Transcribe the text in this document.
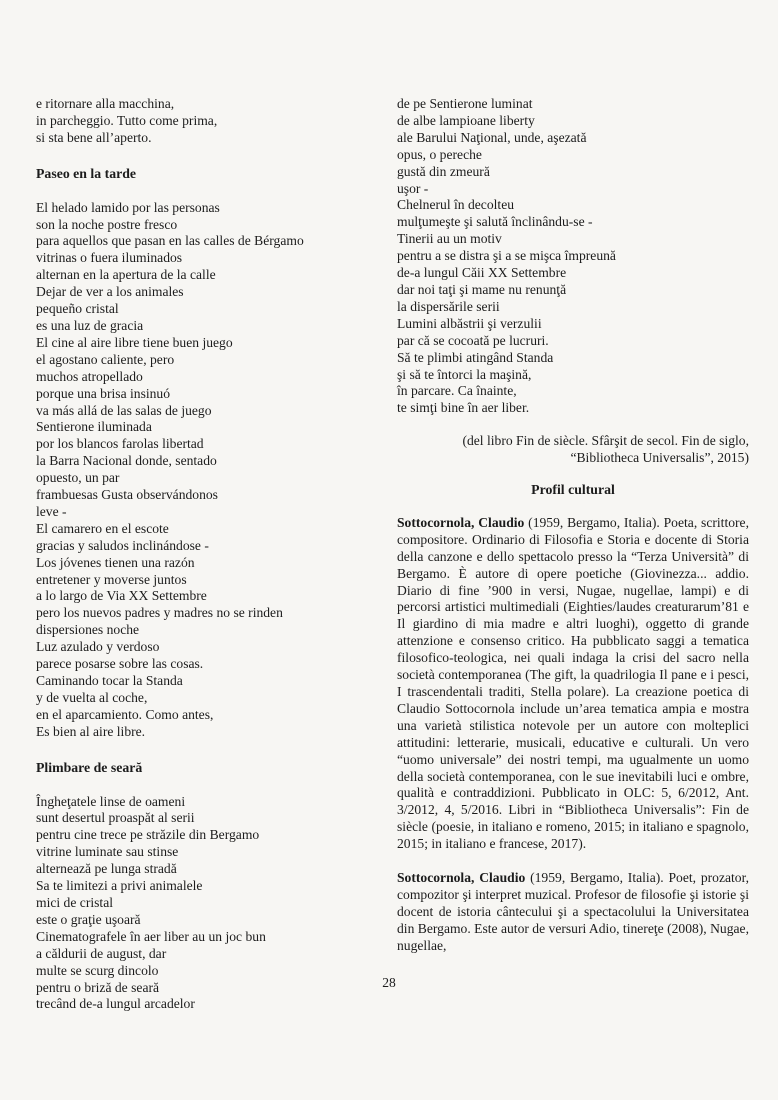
e ritornare alla macchina,
in parcheggio. Tutto come prima,
si sta bene all’aperto.
Paseo en la tarde
El helado lamido por las personas
son la noche postre fresco
para aquellos que pasan en las calles de Bérgamo
vitrinas o fuera iluminados
alternan en la apertura de la calle
Dejar de ver a los animales
pequeño cristal
es una luz de gracia
El cine al aire libre tiene buen juego
el agostano caliente, pero
muchos atropellado
porque una brisa insinuó
va más allá de las salas de juego
Sentierone iluminada
por los blancos farolas libertad
la Barra Nacional donde, sentado
opuesto, un par
frambuesas Gusta observándonos
leve -
El camarero en el escote
gracias y saludos inclinándose -
Los jóvenes tienen una razón
entretener y moverse juntos
a lo largo de Via XX Settembre
pero los nuevos padres y madres no se rinden
dispersiones noche
Luz azulado y verdoso
parece posarse sobre las cosas.
Caminando tocar la Standa
y de vuelta al coche,
en el aparcamiento. Como antes,
Es bien al aire libre.
Plimbare de seară
Îngheţatele linse de oameni
sunt desertul proaspăt al serii
pentru cine trece pe străzile din Bergamo
vitrine luminate sau stinse
alternează pe lunga stradă
Sa te limitezi a privi animalele
mici de cristal
este o graţie uşoară
Cinematografele în aer liber au un joc bun
a căldurii de august, dar
multe se scurg dincolo
pentru o briză de seară
trecând de-a lungul arcadelor
de pe Sentierone luminat
de albe lampioane liberty
ale Barului Naţional, unde, aşezată
opus, o pereche
gustă din zmeură
uşor -
Chelnerul în decolteu
mulţumeşte şi salută înclinându-se -
Tinerii au un motiv
pentru a se distra şi a se mişca împreună
de-a lungul Căii XX Settembre
dar noi taţi şi mame nu renunţă
la dispersările serii
Lumini albăstrii şi verzulii
par că se cocoată pe lucruri.
Să te plimbi atingând Standa
şi să te întorci la maşină,
în parcare. Ca înainte,
te simţi bine în aer liber.
(del libro Fin de siècle. Sfârşit de secol. Fin de siglo,
“Bibliotheca Universalis”, 2015)
Profil cultural
Sottocornola, Claudio (1959, Bergamo, Italia). Poeta, scrittore, compositore. Ordinario di Filosofia e Storia e docente di Storia della canzone e dello spettacolo presso la “Terza Università” di Bergamo. È autore di opere poetiche (Giovinezza... addio. Diario di fine ’900 in versi, Nugae, nugellae, lampi) e di percorsi artistici multimediali (Eighties/laudes creaturarum’81 e Il giardino di mia madre e altri luoghi), oggetto di grande attenzione e consenso critico. Ha pubblicato saggi a tematica filosofico-teologica, nei quali indaga la crisi del sacro nella società contemporanea (The gift, la quadrilogia Il pane e i pesci, I trascendentali traditi, Stella polare). La creazione poetica di Claudio Sottocornola include un’area tematica ampia e mostra una varietà stilistica notevole per un autore con molteplici attitudini: letterarie, musicali, educative e culturali. Un vero “uomo universale” dei nostri tempi, ma ugualmente un uomo della società contemporanea, con le sue inevitabili luci e ombre, qualità e contraddizioni. Pubblicato in OLC: 5, 6/2012, Ant. 3/2012, 4, 5/2016. Libri in “Bibliotheca Universalis”: Fin de siècle (poesie, in italiano e romeno, 2015; in italiano e spagnolo, 2015; in italiano e francese, 2017).
Sottocornola, Claudio (1959, Bergamo, Italia). Poet, prozator, compozitor şi interpret muzical. Profesor de filosofie şi istorie şi docent de istoria cântecului şi a spectacolului la Universitatea din Bergamo. Este autor de versuri Adio, tinereţe (2008), Nugae, nugellae,
28
